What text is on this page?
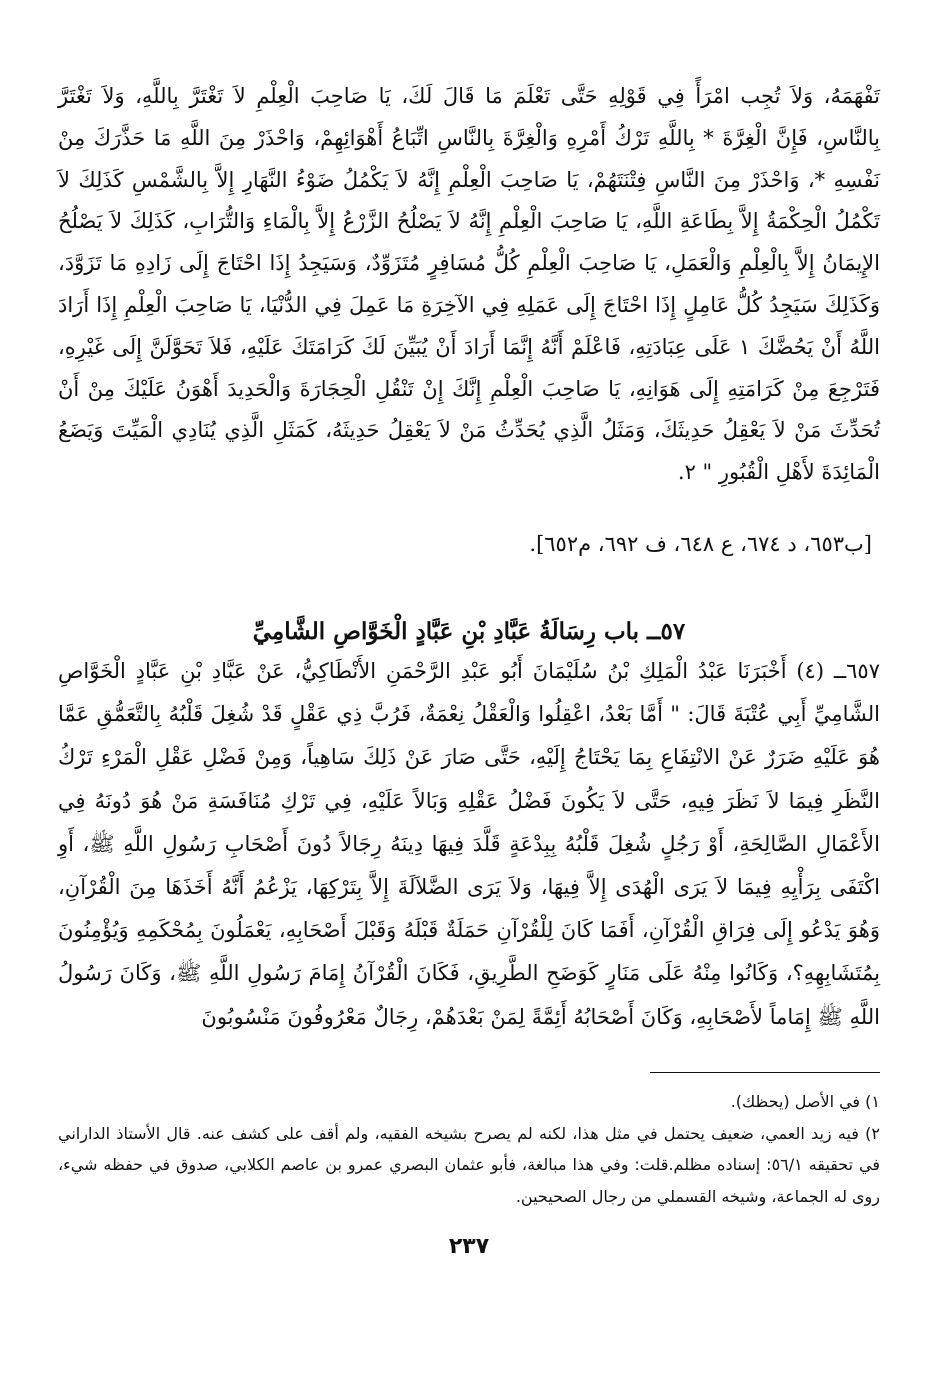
تَفْهَمَهُ، وَلاَ تُجِب امْرَأً فِي قَوْلِهِ حَتَّى تَعْلَمَ مَا قَالَ لَكَ، يَا صَاحِبَ الْعِلْمِ لاَ تَغْتَرَّ بِاللَّهِ، وَلاَ تَغْتَرَّ بِالنَّاسِ، فَإِنَّ الْغِرَّةَ * بِاللَّهِ تَرْكُ أَمْرِهِ وَالْغِرَّةَ بِالنَّاسِ اتِّبَاعُ أَهْوَائِهِمْ، وَاحْذَرْ مِنَ اللَّهِ مَا حَذَّرَكَ مِنْ نَفْسِهِ *، وَاحْذَرْ مِنَ النَّاسِ فِتْنَتَهُمْ، يَا صَاحِبَ الْعِلْمِ إِنَّهُ لاَ يَكْمُلُ ضَوْءُ النَّهَارِ إِلاَّ بِالشَّمْسِ كَذَلِكَ لاَ تَكْمُلُ الْحِكْمَةُ إِلاَّ بِطَاعَةِ اللَّهِ، يَا صَاحِبَ الْعِلْمِ إِنَّهُ لاَ يَصْلُحُ الزَّرْعُ إِلاَّ بِالْمَاءِ وَالتُّرَابِ، كَذَلِكَ لاَ يَصْلُحُ الإِيمَانُ إِلاَّ بِالْعِلْمِ وَالْعَمَلِ، يَا صَاحِبَ الْعِلْمِ كُلُّ مُسَافِرٍ مُتَزَوِّدٌ، وَسَيَجِدُ إِذَا احْتَاجَ إِلَى زَادِهِ مَا تَزَوَّدَ، وَكَذَلِكَ سَيَجِدُ كُلُّ عَامِلٍ إِذَا احْتَاجَ إِلَى عَمَلِهِ فِي الآخِرَةِ مَا عَمِلَ فِي الدُّنْيَا، يَا صَاحِبَ الْعِلْمِ إِذَا أَرَادَ اللَّهُ أَنْ يَحُضَّكَ ١ عَلَى عِبَادَتِهِ، فَاعْلَمْ أَنَّهُ إِنَّمَا أَرَادَ أَنْ يُبَيِّنَ لَكَ كَرَامَتَكَ عَلَيْهِ، فَلاَ تَحَوَّلَنَّ إِلَى غَيْرِهِ، فَتَرْجِعَ مِنْ كَرَامَتِهِ إِلَى هَوَانِهِ، يَا صَاحِبَ الْعِلْمِ إِنَّكَ إِنْ تَنْقُلِ الْحِجَارَةَ وَالْحَدِيدَ أَهْوَنُ عَلَيْكَ مِنْ أَنْ تُحَدِّثَ مَنْ لاَ يَعْقِلُ حَدِيثَكَ، وَمَثَلُ الَّذِي يُحَدِّثُ مَنْ لاَ يَعْقِلُ حَدِيثَهُ، كَمَثَلِ الَّذِي يُنَادِي الْمَيِّتَ وَيَضَعُ الْمَائِدَةَ لأَهْلِ الْقُبُورِ " ٢.

[ب٦٥٣، د ٦٧٤، ع ٦٤٨، ف ٦٩٢، م٦٥٢].

٥٧ــ باب رِسَالَةُ عَبَّادِ بْنِ عَبَّادٍ الْخَوَّاصِ الشَّامِيِّ

٦٥٧ــ (٤) أَخْبَرَنَا عَبْدُ الْمَلِكِ بْنُ سُلَيْمَانَ أَبُو عَبْدِ الرَّحْمَنِ الأَنْطَاكِيُّ، عَنْ عَبَّادِ بْنِ عَبَّادٍ الْخَوَّاصِ الشَّامِيِّ أَبِي عُتْبَةَ قَالَ: " أَمَّا بَعْدُ، اعْقِلُوا وَالْعَقْلُ نِعْمَةٌ، فَرُبَّ ذِي عَقْلٍ قَدْ شُغِلَ قَلْبُهُ بِالتَّعَمُّقِ عَمَّا هُوَ عَلَيْهِ ضَرَرٌ عَنْ الانْتِفَاعِ بِمَا يَحْتَاجُ إِلَيْهِ، حَتَّى صَارَ عَنْ ذَلِكَ سَاهِياً، وَمِنْ فَضْلِ عَقْلِ الْمَرْءِ تَرْكُ النَّظَرِ فِيمَا لاَ نَظَرَ فِيهِ، حَتَّى لاَ يَكُونَ فَضْلُ عَقْلِهِ وَبَالاً عَلَيْهِ، فِي تَرْكِ مُنَافَسَةِ مَنْ هُوَ دُونَهُ فِي الأَعْمَالِ الصَّالِحَةِ، أَوْ رَجُلٍ شُغِلَ قَلْبُهُ بِبِدْعَةٍ قَلَّدَ فِيهَا دِينَهُ رِجَالاً دُونَ أَصْحَابِ رَسُولِ اللَّهِ ﷺ، أَوِ اكْتَفَى بِرَأْيِهِ فِيمَا لاَ يَرَى الْهُدَى إِلاَّ فِيهَا، وَلاَ يَرَى الضَّلاَلَةَ إِلاَّ بِتَرْكِهَا، يَزْعُمُ أَنَّهُ أَخَذَهَا مِنَ الْقُرْآنِ، وَهُوَ يَدْعُو إِلَى فِرَاقِ الْقُرْآنِ، أَفَمَا كَانَ لِلْقُرْآنِ حَمَلَةٌ قَبْلَهُ وَقَبْلَ أَصْحَابِهِ، يَعْمَلُونَ بِمُحْكَمِهِ وَيُؤْمِنُونَ بِمُتَشَابِهِهِ؟، وَكَانُوا مِنْهُ عَلَى مَنَارٍ كَوَضَحِ الطَّرِيقِ، فَكَانَ الْقُرْآنُ إِمَامَ رَسُولِ اللَّهِ ﷺ، وَكَانَ رَسُولُ اللَّهِ ﷺ إِمَاماً لأَصْحَابِهِ، وَكَانَ أَصْحَابُهُ أَئِمَّةً لِمَنْ بَعْدَهُمْ، رِجَالٌ مَعْرُوفُونَ مَنْسُوبُونَ

١) في الأصل (يحظك).

٢) فيه زيد العمي، ضعيف يحتمل في مثل هذا، لكنه لم يصرح بشيخه الفقيه، ولم أقف على كشف عنه. قال الأستاذ الداراني في تحقيقه ٥٦/١: إسناده مظلم.قلت: وفي هذا مبالغة، فأبو عثمان البصري عمرو بن عاصم الكلابي، صدوق في حفظه شيء، روى له الجماعة، وشيخه القسملي من رجال الصحيحين.

٢٣٧
